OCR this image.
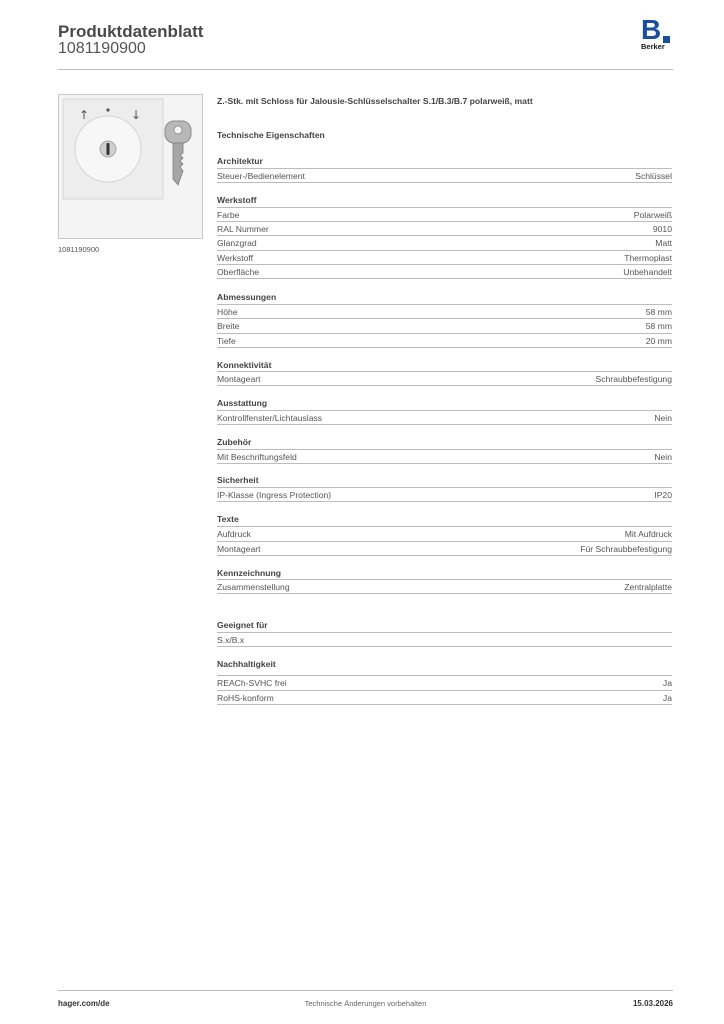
Produktdatenblatt
1081190900
B
Berker
↑	↓
1081190900
Z.-Stk. mit Schloss für Jalousie-Schlüsselschalter S.1/B.3/B.7 polarweiß, matt
Technische Eigenschaften
Architektur
Steuer-/Bedienelement	Schlüssel
Werkstoff
Farbe	Polarweiß
RAL Nummer	9010
Glanzgrad	Matt
Werkstoff	Thermoplast
Oberfläche	Unbehandelt
Abmessungen
Höhe	58 mm
Breite	58 mm
Tiefe	20 mm
Konnektivität
Montageart	Schraubbefestigung
Ausstattung
Kontrollfenster/Lichtauslass	Nein
Zubehör
Mit Beschriftungsfeld	Nein
Sicherheit
IP-Klasse (Ingress Protection)	IP20
Texte
Aufdruck	Mit Aufdruck
Montageart	Für Schraubbefestigung
Kennzeichnung
Zusammenstellung	Zentralplatte
Geeignet für
S.x/B.x
Nachhaltigkeit
REACh-SVHC frei	Ja
RoHS-konform	Ja
hager.com/de	Technische Änderungen vorbehalten	15.03.2026
